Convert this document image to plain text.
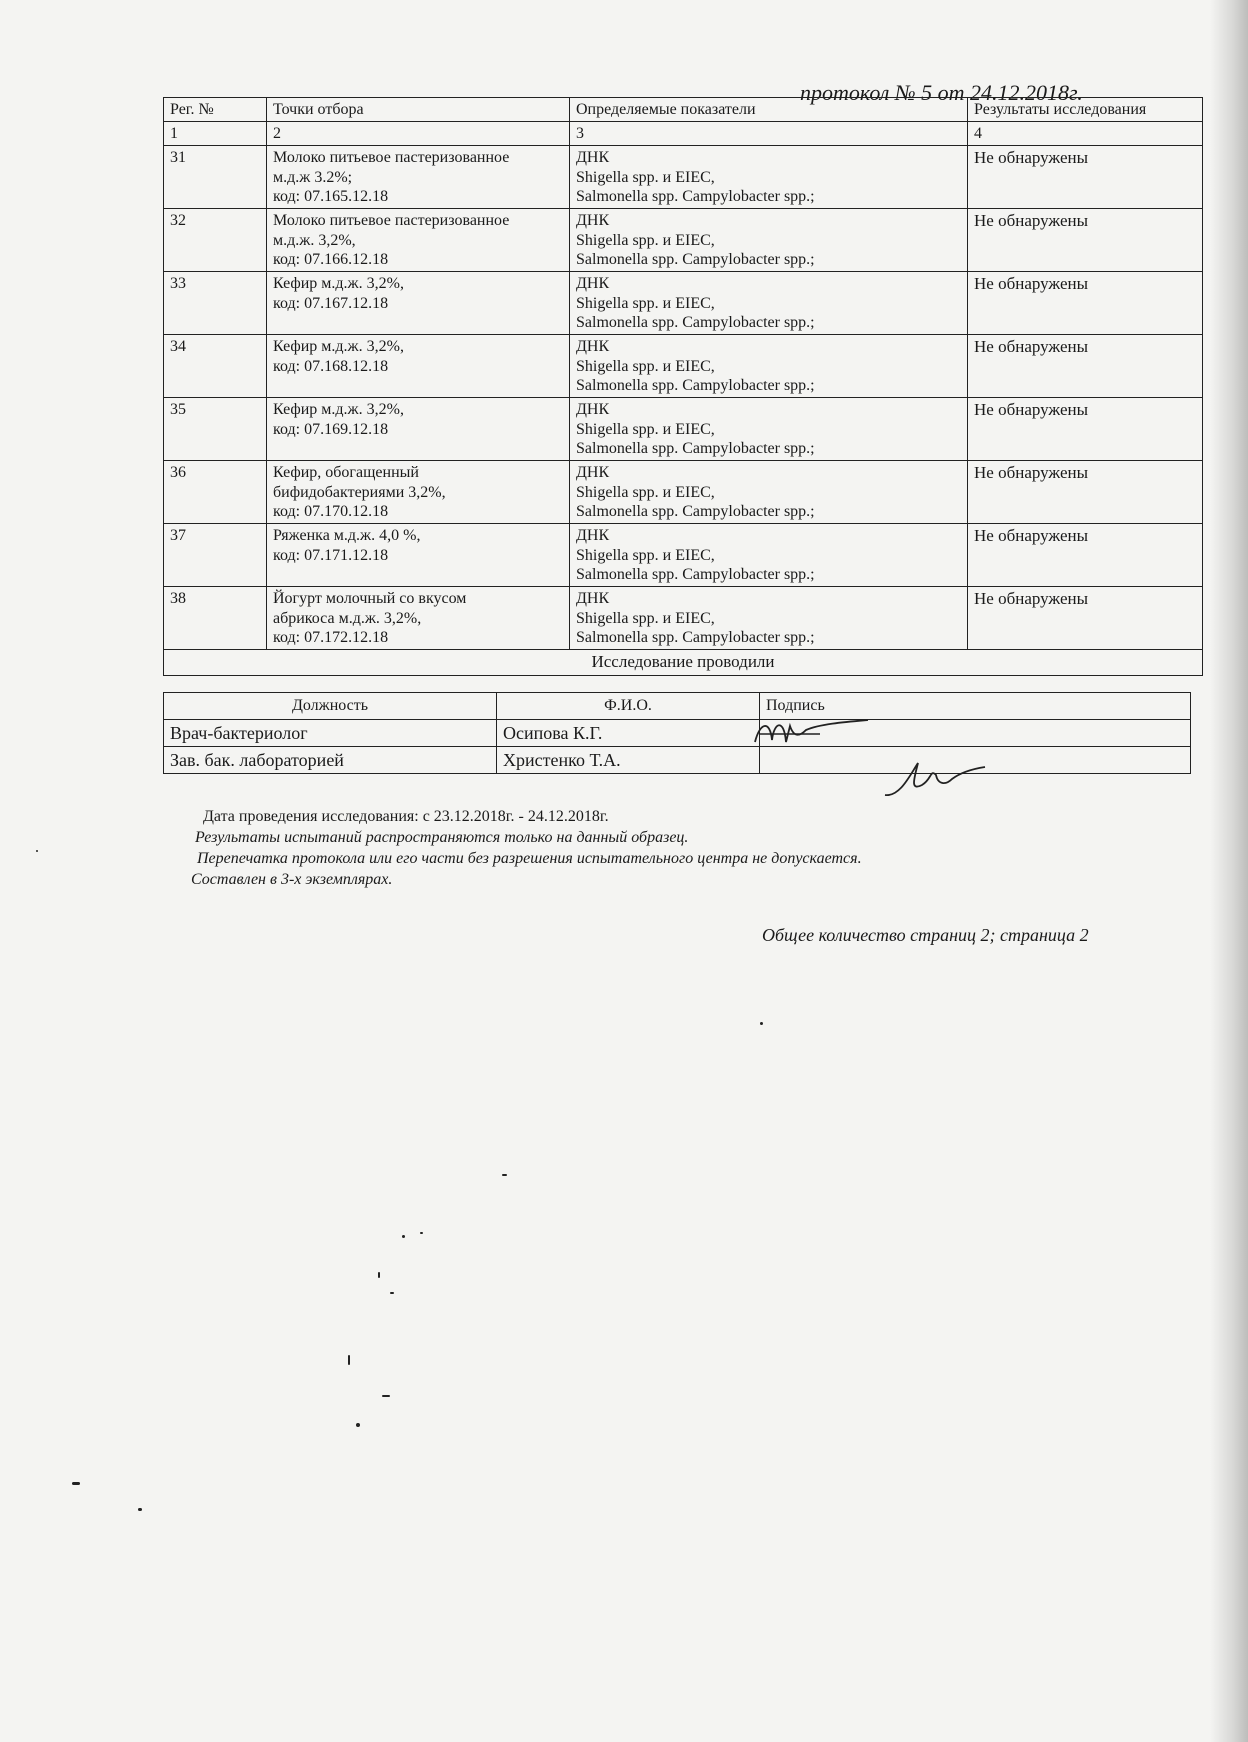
протокол № 5 от 24.12.2018г.
Рег. №	Точки отбора	Определяемые показатели	Результаты исследования
1	2	3	4
31	Молоко питьевое пастеризованное
м.д.ж 3.2%;
код: 07.165.12.18	ДНК
Shigella spp. и EIEC,
Salmonella spp. Campylobacter spp.;	Не обнаружены
32	Молоко питьевое пастеризованное
м.д.ж. 3,2%,
код: 07.166.12.18	ДНК
Shigella spp. и EIEC,
Salmonella spp. Campylobacter spp.;	Не обнаружены
33	Кефир м.д.ж. 3,2%,
код: 07.167.12.18	ДНК
Shigella spp. и EIEC,
Salmonella spp. Campylobacter spp.;	Не обнаружены
34	Кефир м.д.ж. 3,2%,
код: 07.168.12.18	ДНК
Shigella spp. и EIEC,
Salmonella spp. Campylobacter spp.;	Не обнаружены
35	Кефир м.д.ж. 3,2%,
код: 07.169.12.18	ДНК
Shigella spp. и EIEC,
Salmonella spp. Campylobacter spp.;	Не обнаружены
36	Кефир, обогащенный
бифидобактериями 3,2%,
код: 07.170.12.18	ДНК
Shigella spp. и EIEC,
Salmonella spp. Campylobacter spp.;	Не обнаружены
37	Ряженка м.д.ж. 4,0 %,
код: 07.171.12.18	ДНК
Shigella spp. и EIEC,
Salmonella spp. Campylobacter spp.;	Не обнаружены
38	Йогурт молочный со вкусом
абрикоса м.д.ж. 3,2%,
код: 07.172.12.18	ДНК
Shigella spp. и EIEC,
Salmonella spp. Campylobacter spp.;	Не обнаружены
Исследование проводили			
Должность	Ф.И.О.	Подпись
Врач-бактериолог	Осипова К.Г.	
Зав. бак. лабораторией	Христенко Т.А.	
Дата проведения исследования: с 23.12.2018г. - 24.12.2018г.
Результаты испытаний распространяются только на данный образец.
Перепечатка протокола или его части без разрешения испытательного центра не допускается.
Составлен в 3-х экземплярах.
Общее количество страниц 2; страница 2
